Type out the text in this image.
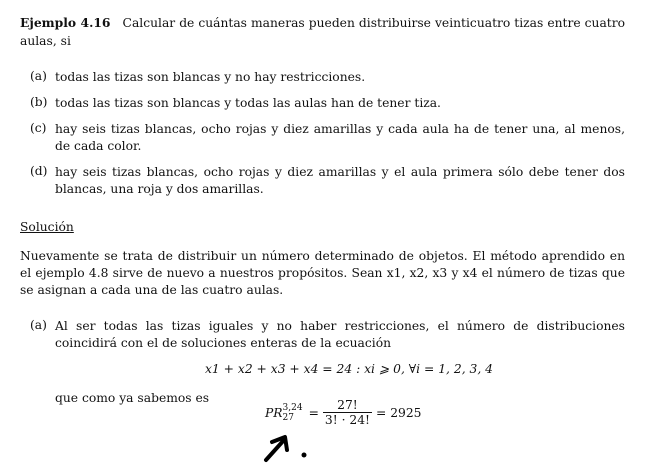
Ejemplo 4.16 Calcular de cuántas maneras pueden distribuirse veinticuatro tizas entre cuatro aulas, si
(a) todas las tizas son blancas y no hay restricciones.
(b) todas las tizas son blancas y todas las aulas han de tener tiza.
(c) hay seis tizas blancas, ocho rojas y diez amarillas y cada aula ha de tener una, al menos, de cada color.
(d) hay seis tizas blancas, ocho rojas y diez amarillas y el aula primera sólo debe tener dos blancas, una roja y dos amarillas.
Solución
Nuevamente se trata de distribuir un número determinado de objetos. El método aprendido en el ejemplo 4.8 sirve de nuevo a nuestros propósitos. Sean x1, x2, x3 y x4 el número de tizas que se asignan a cada una de las cuatro aulas.
(a) Al ser todas las tizas iguales y no haber restricciones, el número de distribuciones coincidirá con el de soluciones enteras de la ecuación
x1 + x2 + x3 + x4 = 24 : xi ⩾ 0, ∀i = 1, 2, 3, 4
que como ya sabemos es
PR 3,24
27	= $\frac{27!}{3! \cdot 24!} = 2925$
